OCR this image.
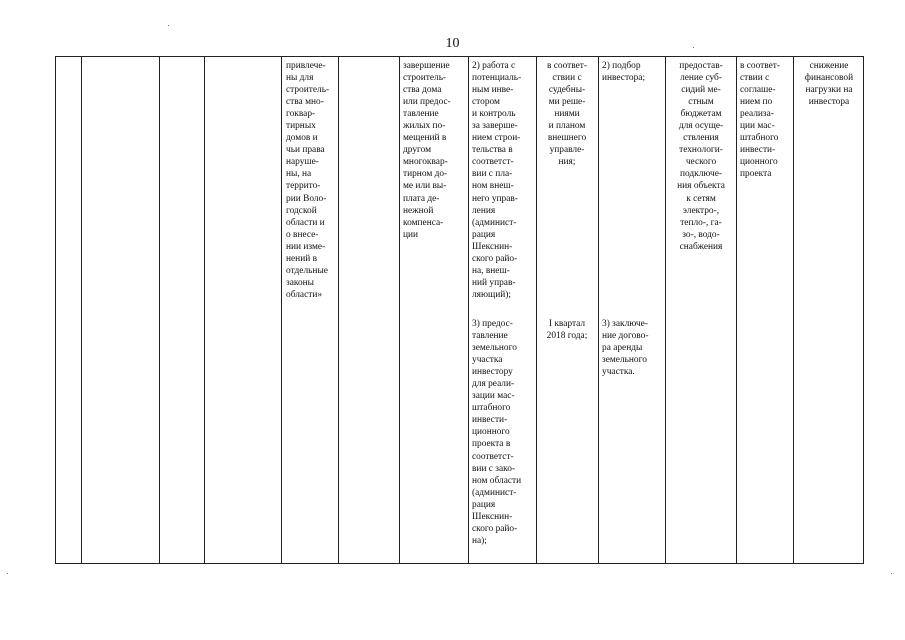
10
привлече-
ны для
строитель-
ства мно-
гоквар-
тирных
домов и
чьи права
наруше-
ны, на
террито-
рии Воло-
годской
области и
о внесе-
нии изме-
нений в
отдельные
законы
области»
завершение
строитель-
ства дома
или предос-
тавление
жилых по-
мещений в
другом
многоквар-
тирном до-
ме или вы-
плата де-
нежной
компенса-
ции
2) работа с
потенциаль-
ным инве-
стором
и контроль
за заверше-
нием строи-
тельства в
соответст-
вии с пла-
ном внеш-
него управ-
ления
(админист-
рация
Шекснин-
ского райо-
на, внеш-
ний управ-
ляющий);
3) предос-
тавление
земельного
участка
инвестору
для реали-
зации мас-
штабного
инвести-
ционного
проекта в
соответст-
вии с зако-
ном области
(админист-
рация
Шекснин-
ского райо-
на);
в соответ-
ствии с
судебны-
ми реше-
ниями
и планом
внешнего
управле-
ния;
I квартал
2018 года;
2) подбор
инвестора;
3) заключе-
ние догово-
ра аренды
земельного
участка.
предостав-
ление суб-
сидий ме-
стным
бюджетам
для осуще-
ствления
технологи-
ческого
подключе-
ния объекта
к сетям
электро-,
тепло-, га-
зо-, водо-
снабжения
в соответ-
ствии с
соглаше-
нием по
реализа-
ции мас-
штабного
инвести-
ционного
проекта
снижение
финансовой
нагрузки на
инвестора
